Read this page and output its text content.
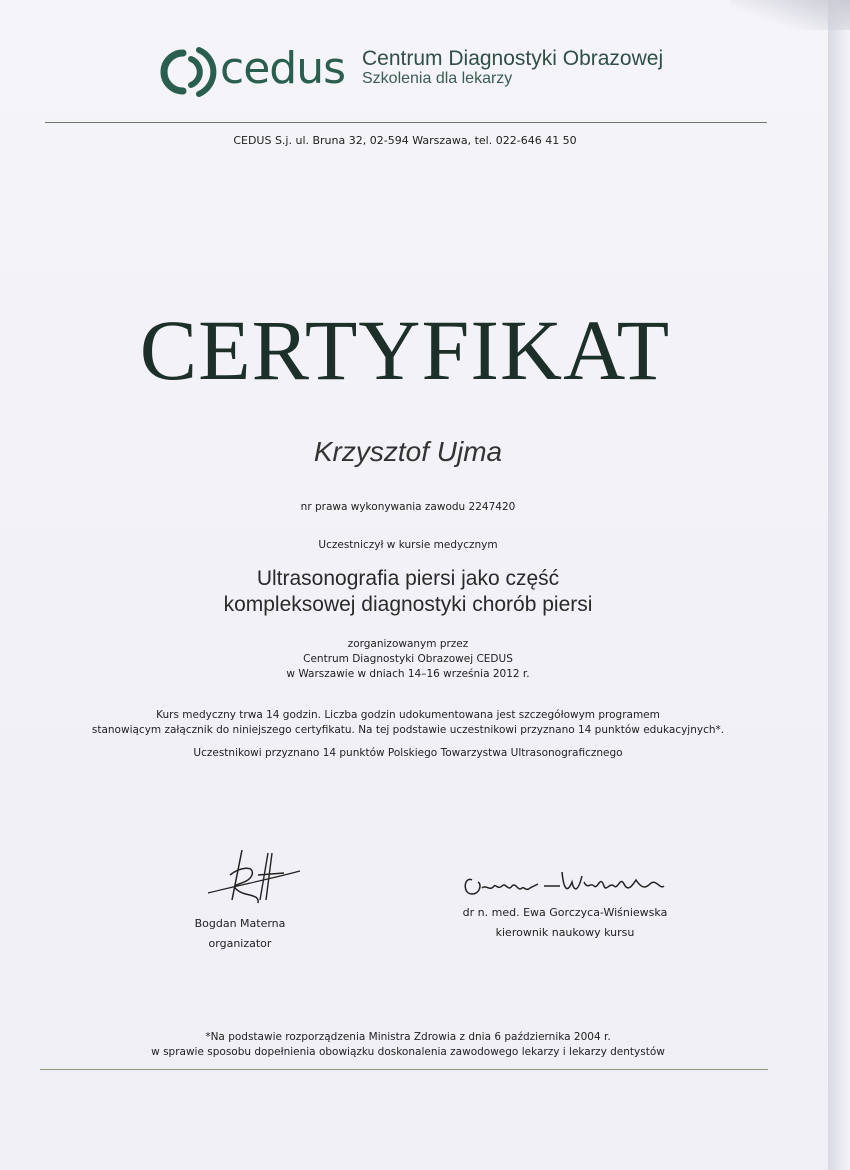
cedus Centrum Diagnostyki Obrazowej
Szkolenia dla lekarzy
CEDUS S.j. ul. Bruna 32, 02-594 Warszawa, tel. 022-646 41 50
CERTYFIKAT
Krzysztof Ujma
nr prawa wykonywania zawodu 2247420
Uczestniczył w kursie medycznym
Ultrasonografia piersi jako część
kompleksowej diagnostyki chorób piersi
zorganizowanym przez
Centrum Diagnostyki Obrazowej CEDUS
w Warszawie w dniach 14–16 września 2012 r.
Kurs medyczny trwa 14 godzin. Liczba godzin udokumentowana jest szczegółowym programem
stanowiącym załącznik do niniejszego certyfikatu. Na tej podstawie uczestnikowi przyznano 14 punktów edukacyjnych*.
Uczestnikowi przyznano 14 punktów Polskiego Towarzystwa Ultrasonograficznego
Bogdan Materna
organizator
dr n. med. Ewa Gorczyca-Wiśniewska
kierownik naukowy kursu
*Na podstawie rozporządzenia Ministra Zdrowia z dnia 6 października 2004 r.
w sprawie sposobu dopełnienia obowiązku doskonalenia zawodowego lekarzy i lekarzy dentystów
